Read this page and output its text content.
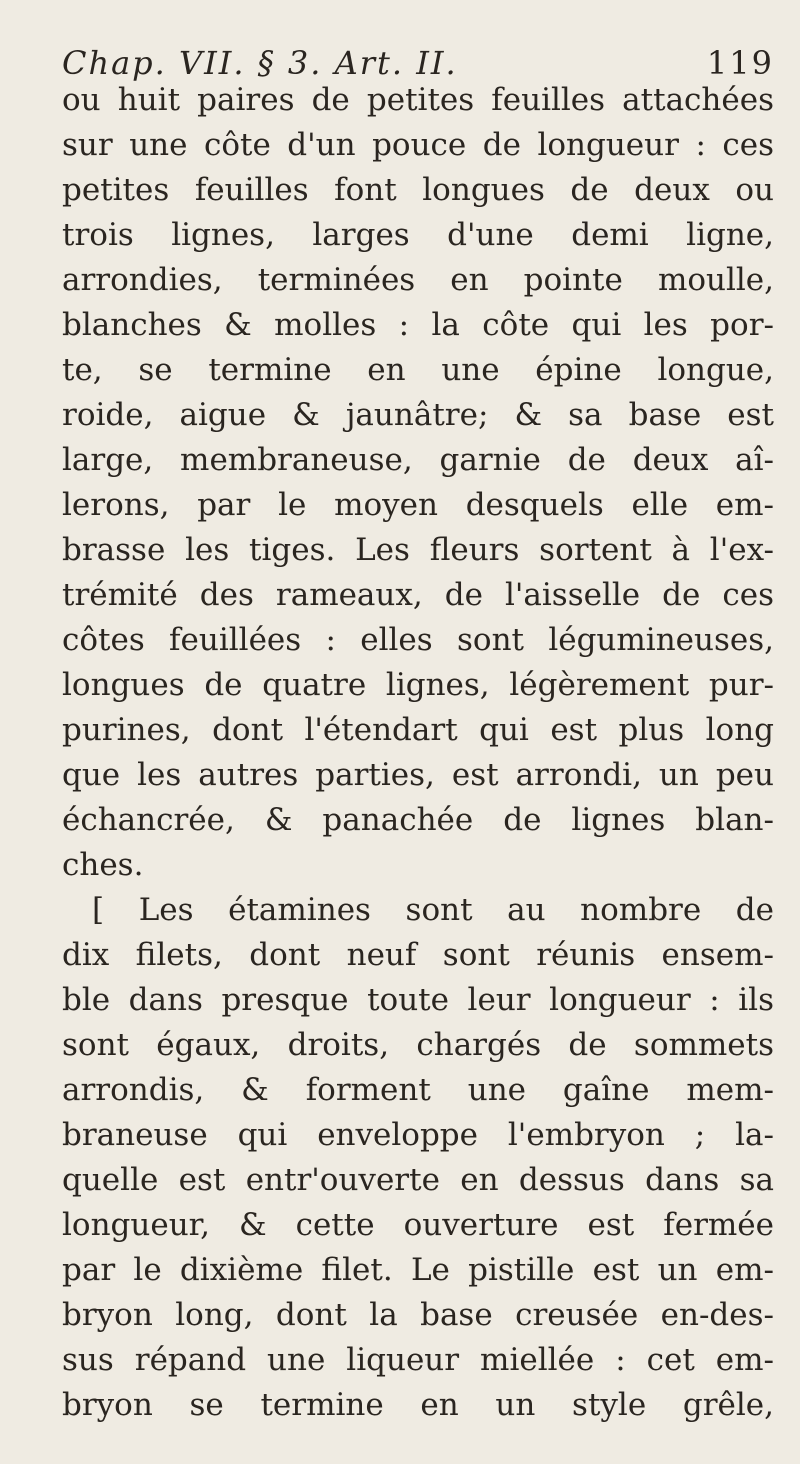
Chap. VII. § 3. Art. II.	119
ou huit paires de petites feuilles attachées
sur une côte d'un pouce de longueur : ces
petites feuilles font longues de deux ou
trois lignes, larges d'une demi ligne,
arrondies, terminées en pointe moulle,
blanches & molles : la côte qui les por-
te, se termine en une épine longue,
roide, aigue & jaunâtre; & sa base est
large, membraneuse, garnie de deux aî-
lerons, par le moyen desquels elle em-
brasse les tiges. Les fleurs sortent à l'ex-
trémité des rameaux, de l'aisselle de ces
côtes feuillées : elles sont légumineuses,
longues de quatre lignes, légèrement pur-
purines, dont l'étendart qui est plus long
que les autres parties, est arrondi, un peu
échancrée, & panachée de lignes blan-
ches.
[ Les étamines sont au nombre de
dix filets, dont neuf sont réunis ensem-
ble dans presque toute leur longueur : ils
sont égaux, droits, chargés de sommets
arrondis, & forment une gaîne mem-
braneuse qui enveloppe l'embryon ; la-
quelle est entr'ouverte en dessus dans sa
longueur, & cette ouverture est fermée
par le dixième filet. Le pistille est un em-
bryon long, dont la base creusée en-des-
sus répand une liqueur miellée : cet em-
bryon se termine en un style grêle,
